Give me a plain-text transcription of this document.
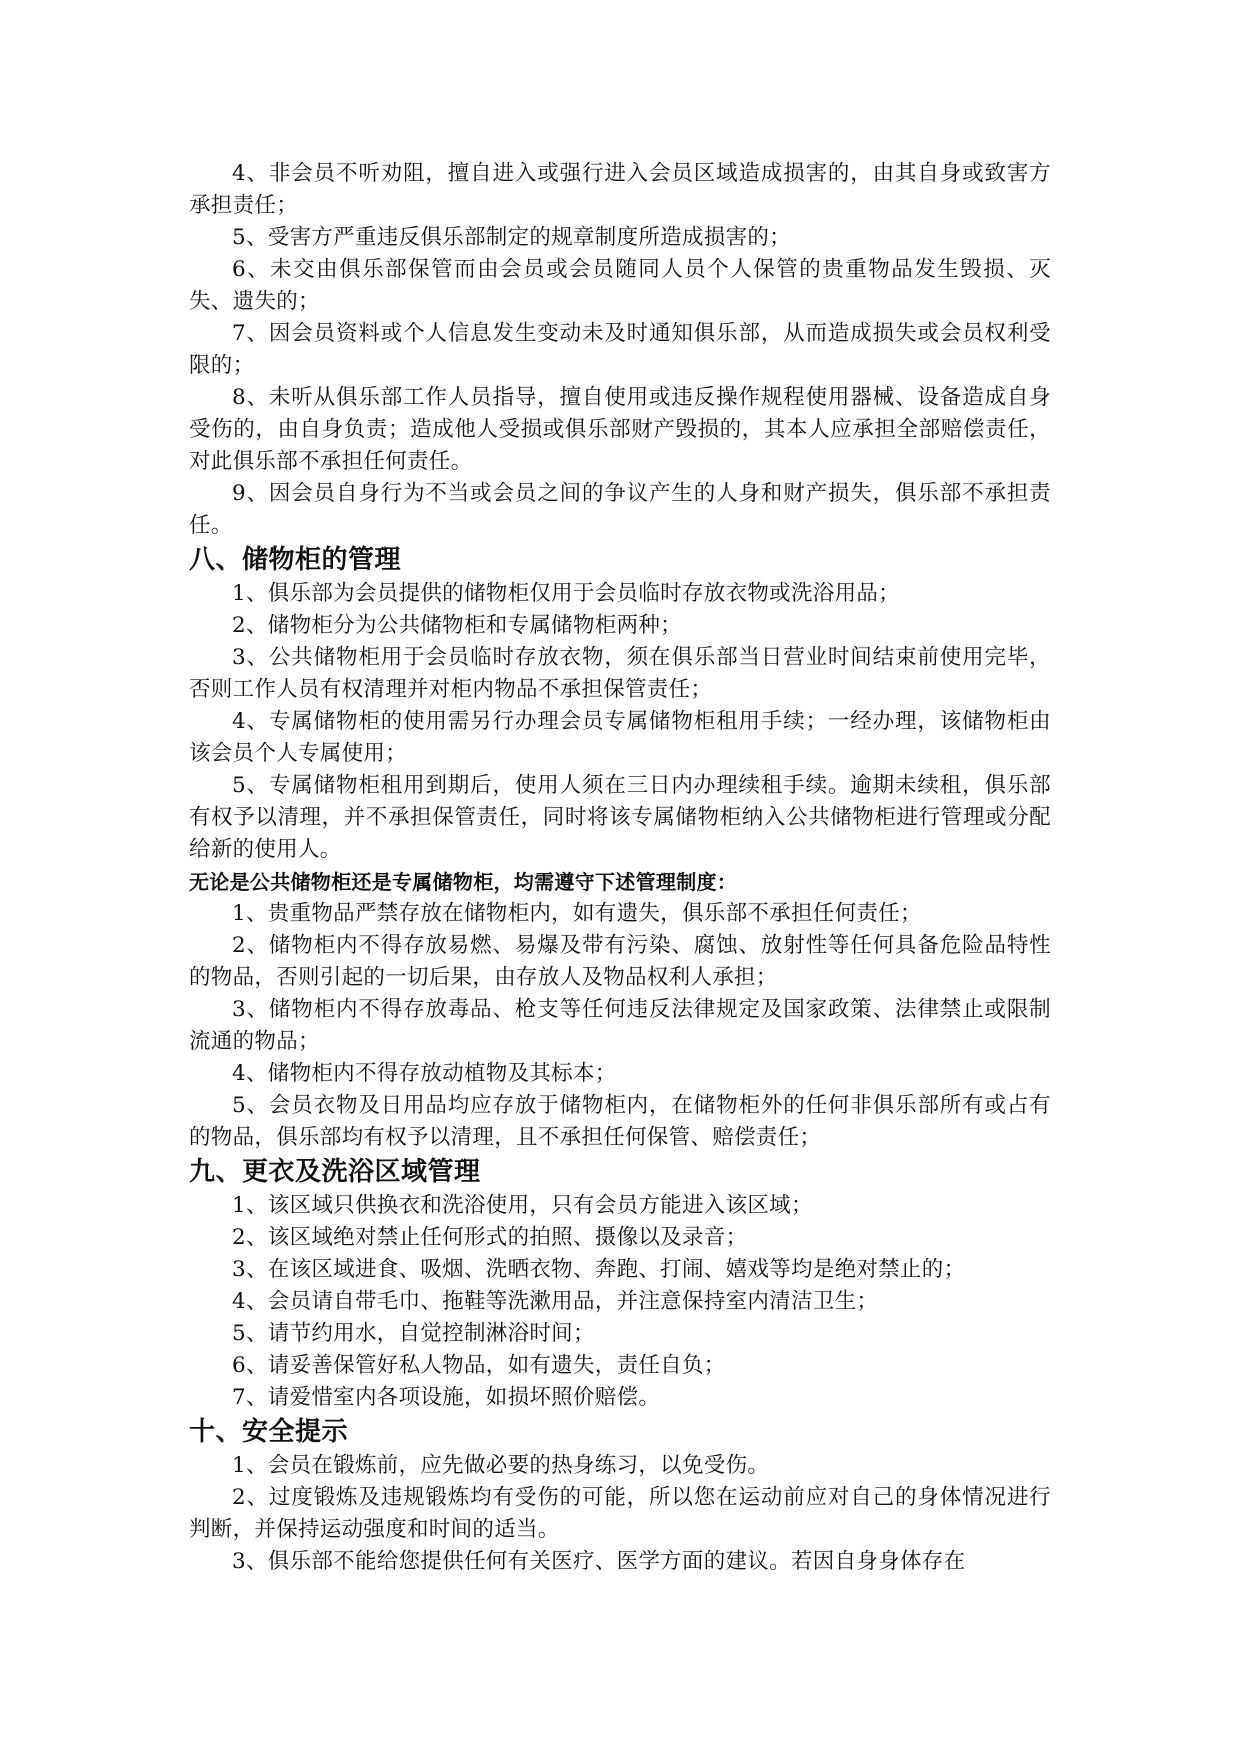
4、非会员不听劝阻，擅自进入或强行进入会员区域造成损害的，由其自身或致害方承担责任；

5、受害方严重违反俱乐部制定的规章制度所造成损害的；

6、未交由俱乐部保管而由会员或会员随同人员个人保管的贵重物品发生毁损、灭失、遗失的；

7、因会员资料或个人信息发生变动未及时通知俱乐部，从而造成损失或会员权利受限的；

8、未听从俱乐部工作人员指导，擅自使用或违反操作规程使用器械、设备造成自身受伤的，由自身负责；造成他人受损或俱乐部财产毁损的，其本人应承担全部赔偿责任，对此俱乐部不承担任何责任。

9、因会员自身行为不当或会员之间的争议产生的人身和财产损失，俱乐部不承担责任。

八、储物柜的管理

1、俱乐部为会员提供的储物柜仅用于会员临时存放衣物或洗浴用品；

2、储物柜分为公共储物柜和专属储物柜两种；

3、公共储物柜用于会员临时存放衣物，须在俱乐部当日营业时间结束前使用完毕，否则工作人员有权清理并对柜内物品不承担保管责任；

4、专属储物柜的使用需另行办理会员专属储物柜租用手续；一经办理，该储物柜由该会员个人专属使用；

5、专属储物柜租用到期后，使用人须在三日内办理续租手续。逾期未续租，俱乐部有权予以清理，并不承担保管责任，同时将该专属储物柜纳入公共储物柜进行管理或分配给新的使用人。

无论是公共储物柜还是专属储物柜，均需遵守下述管理制度：

1、贵重物品严禁存放在储物柜内，如有遗失，俱乐部不承担任何责任；

2、储物柜内不得存放易燃、易爆及带有污染、腐蚀、放射性等任何具备危险品特性的物品，否则引起的一切后果，由存放人及物品权利人承担；

3、储物柜内不得存放毒品、枪支等任何违反法律规定及国家政策、法律禁止或限制流通的物品；

4、储物柜内不得存放动植物及其标本；

5、会员衣物及日用品均应存放于储物柜内，在储物柜外的任何非俱乐部所有或占有的物品，俱乐部均有权予以清理，且不承担任何保管、赔偿责任；

九、更衣及洗浴区域管理

1、该区域只供换衣和洗浴使用，只有会员方能进入该区域；

2、该区域绝对禁止任何形式的拍照、摄像以及录音；

3、在该区域进食、吸烟、洗晒衣物、奔跑、打闹、嬉戏等均是绝对禁止的；

4、会员请自带毛巾、拖鞋等洗漱用品，并注意保持室内清洁卫生；

5、请节约用水，自觉控制淋浴时间；

6、请妥善保管好私人物品，如有遗失，责任自负；

7、请爱惜室内各项设施，如损坏照价赔偿。

十、安全提示

1、会员在锻炼前，应先做必要的热身练习，以免受伤。

2、过度锻炼及违规锻炼均有受伤的可能，所以您在运动前应对自己的身体情况进行判断，并保持运动强度和时间的适当。

3、俱乐部不能给您提供任何有关医疗、医学方面的建议。若因自身身体存在
